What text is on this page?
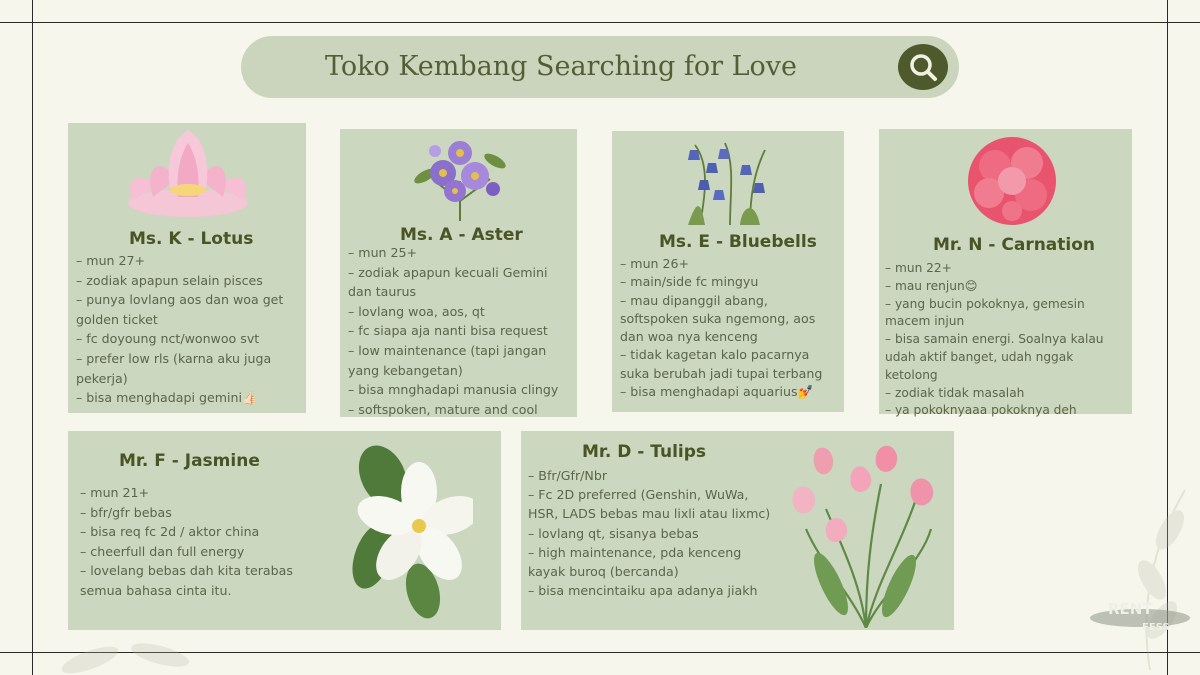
Toko Kembang Searching for Love
Ms. K - Lotus
– mun 27+
– zodiak apapun selain pisces
– punya lovlang aos dan woa get golden ticket
– fc doyoung nct/wonwoo svt
– prefer low rls (karna aku juga pekerja)
– bisa menghadapi gemini👍🏻
Ms. A - Aster
– mun 25+
– zodiak apapun kecuali Gemini dan taurus
– lovlang woa, aos, qt
– fc siapa aja nanti bisa request
– low maintenance (tapi jangan yang kebangetan)
– bisa mnghadapi manusia clingy
– softspoken, mature and cool
Ms. E - Bluebells
– mun 26+
– main/side fc mingyu
– mau dipanggil abang, softspoken suka ngemong, aos dan woa nya kenceng
– tidak kagetan kalo pacarnya suka berubah jadi tupai terbang
– bisa menghadapi aquarius💅
Mr. N - Carnation
– mun 22+
– mau renjun😊
– yang bucin pokoknya, gemesin macem injun
– bisa samain energi. Soalnya kalau udah aktif banget, udah nggak ketolong
– zodiak tidak masalah
– ya pokoknyaaa pokoknya deh
Mr. F - Jasmine
– mun 21+
– bfr/gfr bebas
– bisa req fc 2d / aktor china
– cheerfull dan full energy
– lovelang bebas dah kita terabas semua bahasa cinta itu.
Mr. D - Tulips
– Bfr/Gfr/Nbr
– Fc 2D preferred (Genshin, WuWa, HSR, LADS bebas mau lixli atau lixmc)
– lovlang qt, sisanya bebas
– high maintenance, pda kenceng kayak buroq (bercanda)
– bisa mencintaiku apa adanya jiakh
RENT
FESS
